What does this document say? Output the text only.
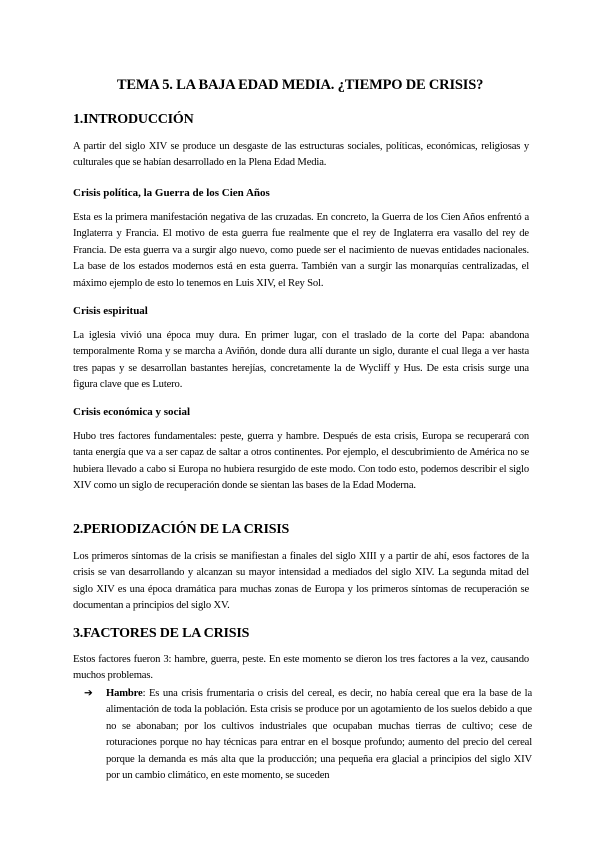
TEMA 5. LA BAJA EDAD MEDIA. ¿TIEMPO DE CRISIS?
1.INTRODUCCIÓN

A partir del siglo XIV se produce un desgaste de las estructuras sociales, políticas, económicas, religiosas y culturales que se habían desarrollado en la Plena Edad Media.

Crisis política, la Guerra de los Cien Años

Esta es la primera manifestación negativa de las cruzadas. En concreto, la Guerra de los Cien Años enfrentó a Inglaterra y Francia. El motivo de esta guerra fue realmente que el rey de Inglaterra era vasallo del rey de Francia. De esta guerra va a surgir algo nuevo, como puede ser el nacimiento de nuevas entidades nacionales. La base de los estados modernos está en esta guerra. También van a surgir las monarquías centralizadas, el máximo ejemplo de esto lo tenemos en Luis XIV, el Rey Sol.

Crisis espiritual

La iglesia vivió una época muy dura. En primer lugar, con el traslado de la corte del Papa: abandona temporalmente Roma y se marcha a Aviñón, donde dura allí durante un siglo, durante el cual llega a ver hasta tres papas y se desarrollan bastantes herejías, concretamente la de Wycliff y Hus. De esta crisis surge una figura clave que es Lutero.

Crisis económica y social

Hubo tres factores fundamentales: peste, guerra y hambre. Después de esta crisis, Europa se recuperará con tanta energía que va a ser capaz de saltar a otros continentes. Por ejemplo, el descubrimiento de América no se hubiera llevado a cabo si Europa no hubiera resurgido de este modo. Con todo esto, podemos describir el siglo XIV como un siglo de recuperación donde se sientan las bases de la Edad Moderna.

2.PERIODIZACIÓN DE LA CRISIS

Los primeros síntomas de la crisis se manifiestan a finales del siglo XIII y a partir de ahí, esos factores de la crisis se van desarrollando y alcanzan su mayor intensidad a mediados del siglo XIV. La segunda mitad del siglo XIV es una época dramática para muchas zonas de Europa y los primeros síntomas de recuperación se documentan a principios del siglo XV.

3.FACTORES DE LA CRISIS

Estos factores fueron 3: hambre, guerra, peste. En este momento se dieron los tres factores a la vez, causando muchos problemas.

➔	Hambre: Es una crisis frumentaria o crisis del cereal, es decir, no había cereal que era la base de la alimentación de toda la población. Esta crisis se produce por un agotamiento de los suelos debido a que no se abonaban; por los cultivos industriales que ocupaban muchas tierras de cultivo; cese de roturaciones porque no hay técnicas para entrar en el bosque profundo; aumento del precio del cereal porque la demanda es más alta que la producción; una pequeña era glacial a principios del siglo XIV por un cambio climático, en este momento, se suceden
